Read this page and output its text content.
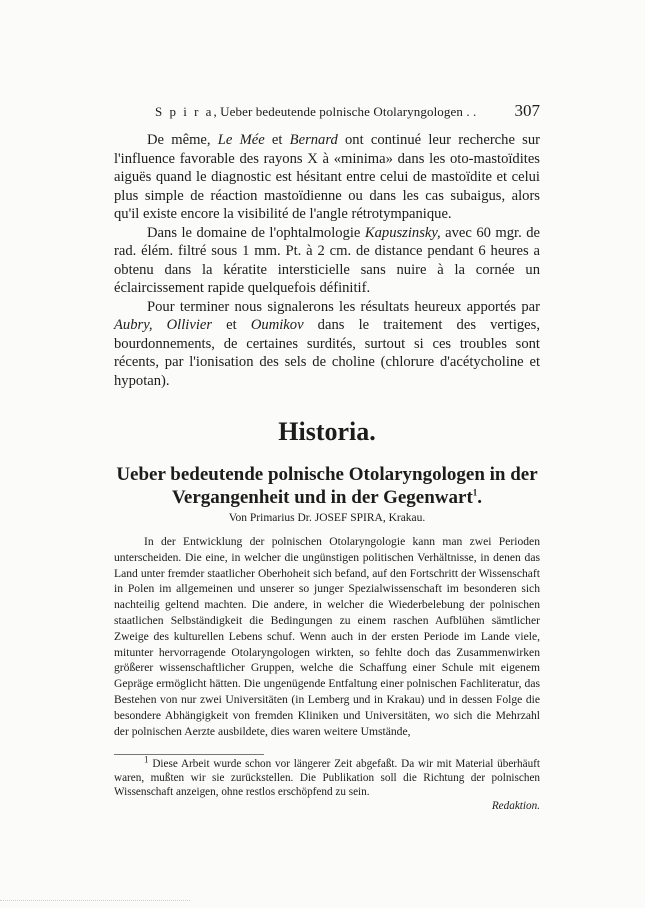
S p i r a, Ueber bedeutende polnische Otolaryngologen . . 307

De même, Le Mée et Bernard ont continué leur recherche sur l'influence favorable des rayons X à «minima» dans les oto-mastoïdites aiguës quand le diagnostic est hésitant entre celui de mastoïdite et celui plus simple de réaction mastoïdienne ou dans les cas subaigus, alors qu'il existe encore la visibilité de l'angle rétrotympanique.

Dans le domaine de l'ophtalmologie Kapuszinsky, avec 60 mgr. de rad. élém. filtré sous 1 mm. Pt. à 2 cm. de distance pendant 6 heures a obtenu dans la kératite intersticielle sans nuire à la cornée un éclaircissement rapide quelquefois définitif.

Pour terminer nous signalerons les résultats heureux apportés par Aubry, Ollivier et Oumikov dans le traitement des vertiges, bourdonnements, de certaines surdités, surtout si ces troubles sont récents, par l'ionisation des sels de choline (chlorure d'acétycholine et hypotan).

Historia.
Ueber bedeutende polnische Otolaryngologen in der Vergangenheit und in der Gegenwart$^1$.

Von Primarius Dr. JOSEF SPIRA, Krakau.

In der Entwicklung der polnischen Otolaryngologie kann man zwei Perioden unterscheiden. Die eine, in welcher die ungünstigen politischen Verhältnisse, in denen das Land unter fremder staatlicher Oberhoheit sich befand, auf den Fortschritt der Wissenschaft in Polen im allgemeinen und unserer so junger Spezialwissenschaft im besonderen sich nachteilig geltend machten. Die andere, in welcher die Wiederbelebung der polnischen staatlichen Selbständigkeit die Bedingungen zu einem raschen Aufblühen sämtlicher Zweige des kulturellen Lebens schuf. Wenn auch in der ersten Periode im Lande viele, mitunter hervorragende Otolaryngologen wirkten, so fehlte doch das Zusammenwirken größerer wissenschaftlicher Gruppen, welche die Schaffung einer Schule mit eigenem Gepräge ermöglicht hätten. Die ungenügende Entfaltung einer polnischen Fachliteratur, das Bestehen von nur zwei Universitäten (in Lemberg und in Krakau) und in dessen Folge die besondere Abhängigkeit von fremden Kliniken und Universitäten, wo sich die Mehrzahl der polnischen Aerzte ausbildete, dies waren weitere Umstände,

$^1$ Diese Arbeit wurde schon vor längerer Zeit abgefaßt. Da wir mit Material überhäuft waren, mußten wir sie zurückstellen. Die Publikation soll die Richtung der polnischen Wissenschaft anzeigen, ohne restlos erschöpfend zu sein.

Redaktion.
